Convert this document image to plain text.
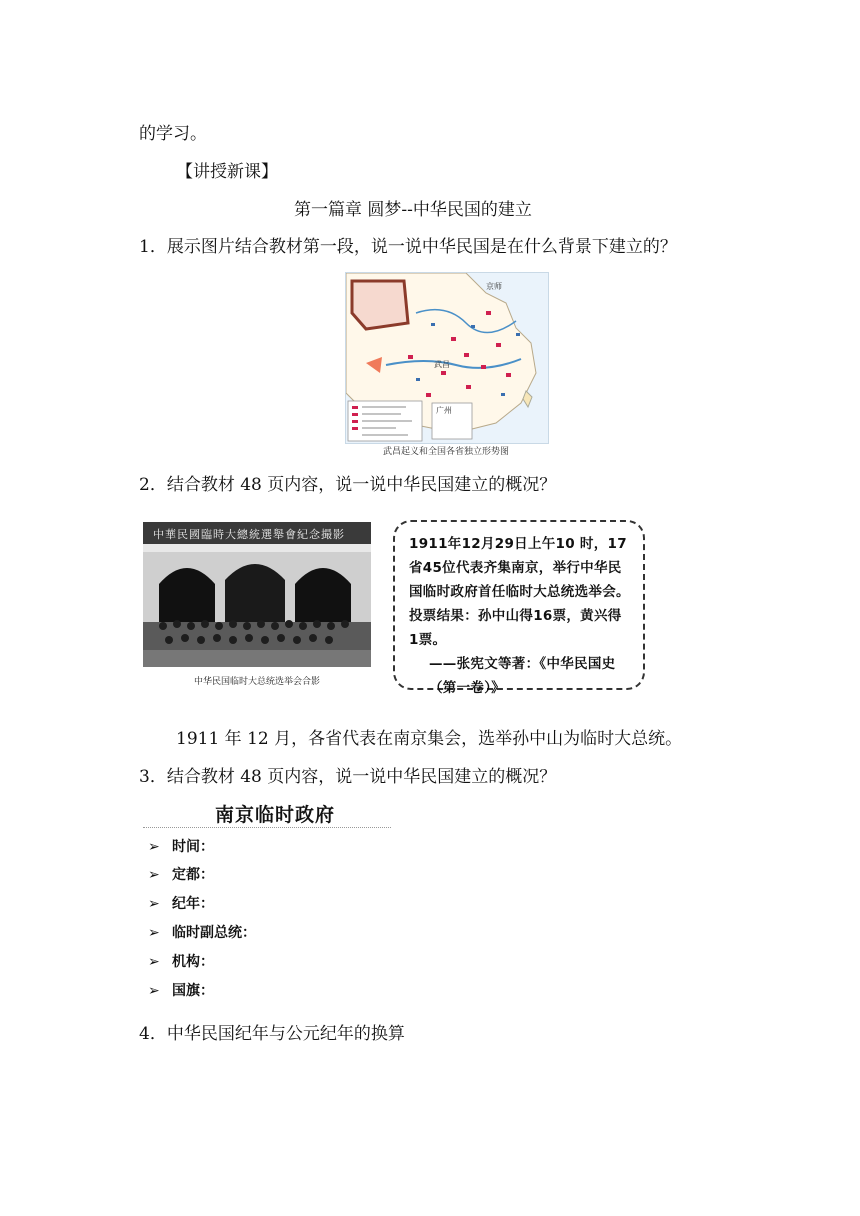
的学习。
【讲授新课】
第一篇章 圆梦--中华民国的建立
1．展示图片结合教材第一段，说一说中华民国是在什么背景下建立的？
京师
武昌
广州
武昌起义和全国各省独立形势图
2．结合教材 48 页内容，说一说中华民国建立的概况？
中華民國臨時大總統選舉會紀念撮影
中华民国临时大总统选举会合影
1911年12月29日上午10 时，17省45位代表齐集南京，举行中华民国临时政府首任临时大总统选举会。投票结果：孙中山得16票，黄兴得1票。
——张宪文等著：《中华民国史（第一卷）》
1911 年 12 月，各省代表在南京集会，选举孙中山为临时大总统。
3．结合教材 48 页内容，说一说中华民国建立的概况？
南京临时政府
➢ 时间：
➢ 定都：
➢ 纪年：
➢ 临时副总统：
➢ 机构：
➢ 国旗：
4．中华民国纪年与公元纪年的换算
